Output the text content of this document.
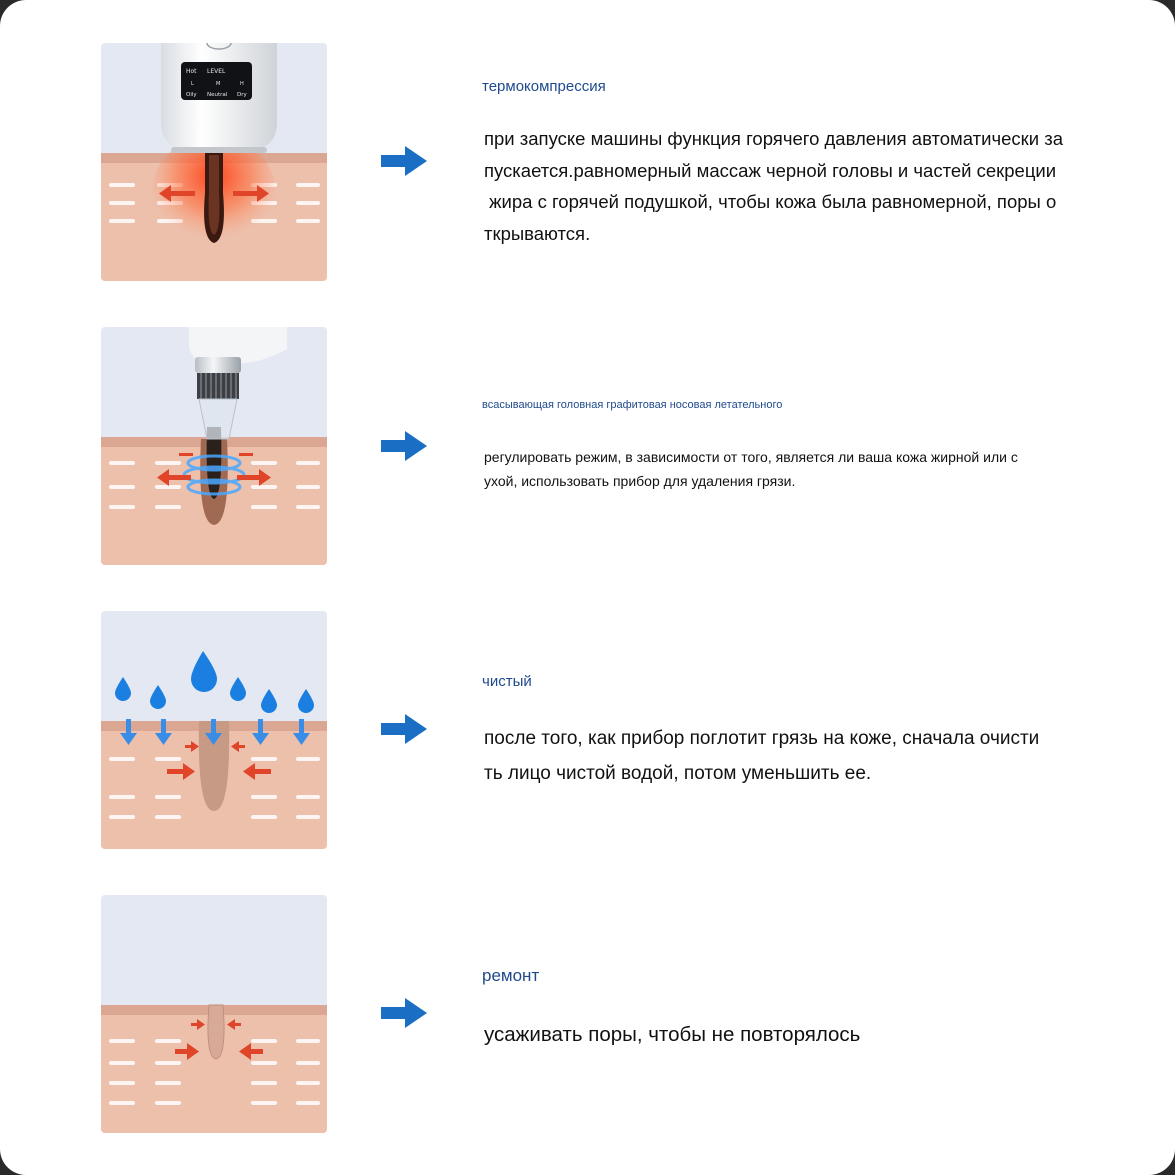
Hot LEVEL
L	M	H
Oily Neutral Dry	термокомпрессия
при запуске машины функция горячего давления автоматически за
пускается.равномерный массаж черной головы и частей секреции
жира с горячей подушкой, чтобы кожа была равномерной, поры о
ткрываются.
всасывающая головная графитовая носовая летательного
регулировать режим, в зависимости от того, является ли ваша кожа жирной или с
ухой, использовать прибор для удаления грязи.
чистый
после того, как прибор поглотит грязь на коже, сначала очисти
ть лицо чистой водой, потом уменьшить ее.
ремонт
усаживать поры, чтобы не повторялось
